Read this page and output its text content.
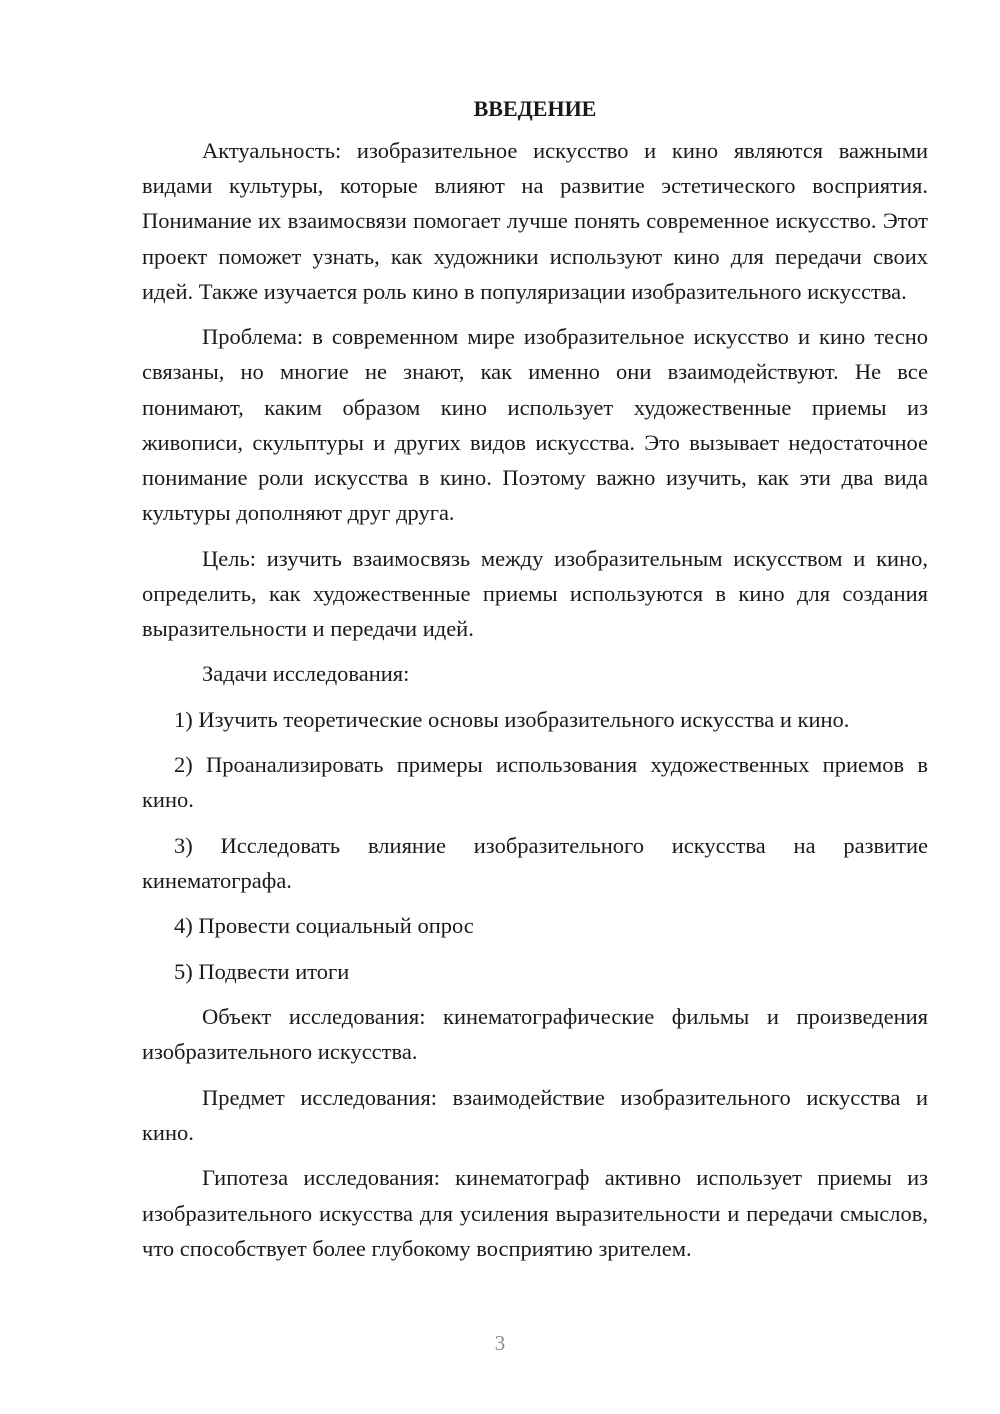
ВВЕДЕНИЕ

Актуальность: изобразительное искусство и кино являются важными видами культуры, которые влияют на развитие эстетического восприятия. Понимание их взаимосвязи помогает лучше понять современное искусство. Этот проект поможет узнать, как художники используют кино для передачи своих идей. Также изучается роль кино в популяризации изобразительного искусства.

Проблема: в современном мире изобразительное искусство и кино тесно связаны, но многие не знают, как именно они взаимодействуют. Не все понимают, каким образом кино использует художественные приемы из живописи, скульптуры и других видов искусства. Это вызывает недостаточное понимание роли искусства в кино. Поэтому важно изучить, как эти два вида культуры дополняют друг друга.

Цель: изучить взаимосвязь между изобразительным искусством и кино, определить, как художественные приемы используются в кино для создания выразительности и передачи идей.

Задачи исследования:

1) Изучить теоретические основы изобразительного искусства и кино.

2) Проанализировать примеры использования художественных приемов в кино.

3) Исследовать влияние изобразительного искусства на развитие кинематографа.

4) Провести социальный опрос

5) Подвести итоги

Объект исследования: кинематографические фильмы и произведения изобразительного искусства.

Предмет исследования: взаимодействие изобразительного искусства и кино.

Гипотеза исследования: кинематограф активно использует приемы из изобразительного искусства для усиления выразительности и передачи смыслов, что способствует более глубокому восприятию зрителем.

3
